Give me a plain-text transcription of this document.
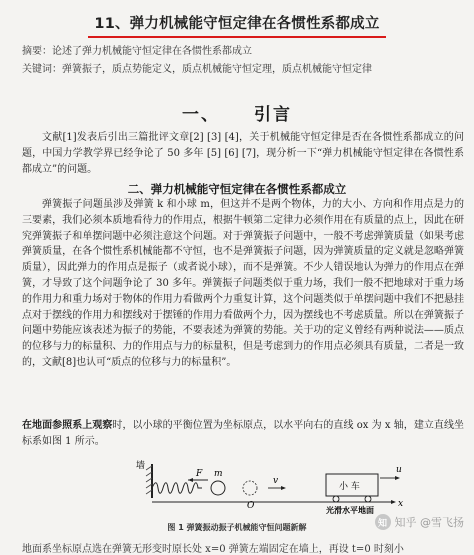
11、弹力机械能守恒定律在各惯性系都成立
摘要：论述了弹力机械能守恒定律在各惯性系都成立
关键词：弹簧振子，质点势能定义，质点机械能守恒定理，质点机械能守恒定律
一、 引言

文献[1]发表后引出三篇批评文章[2] [3] [4]，关于机械能守恒定律是否在各惯性系都成立的问题，中国力学教学界已经争论了 50 多年 [5] [6] [7]，现分析一下“弹力机械能守恒定律在各惯性系都成立”的问题。

二、弹力机械能守恒定律在各惯性系都成立

弹簧振子问题虽涉及弹簧 k 和小球 m，但这并不是两个物体，力的大小、方向和作用点是力的三要素，我们必须本质地看待力的作用点，根据牛顿第二定律力必须作用在有质量的点上，因此在研究弹簧振子和单摆问题中必须注意这个问题。对于弹簧振子问题中，一般不考虑弹簧质量（如果考虑弹簧质量，在各个惯性系机械能都不守恒，也不是弹簧振子问题，因为弹簧质量的定义就是忽略弹簧质量），因此弹力的作用点是振子（或者说小球），而不是弹簧。不少人错误地认为弹力的作用点在弹簧，才导致了这个问题争论了 30 多年。弹簧振子问题类似于重力场，我们一般不把地球对于重力场的作用力和重力场对于物体的作用力看做两个力重复计算，这个问题类似于单摆问题中我们不把悬挂点对于摆线的作用力和摆线对于摆锤的作用力看做两个力，因为摆线也不考虑质量。所以在弹簧振子问题中势能应该表述为振子的势能，不要表述为弹簧的势能。关于功的定义曾经有两种说法——质点的位移与力的标量积、力的作用点与力的标量积，但是考虑到力的作用点必须具有质量，二者是一致的，文献[8]也认可“质点的位移与力的标量积”。

在地面参照系上观察时，以小球的平衡位置为坐标原点，以水平向右的直线 ox 为 x 轴，建立直线坐标系如图 1 所示。

墙
F m
O
v
小 车
u
x
光滑水平地面
图 1 弹簧振动振子机械能守恒问题新解
地面系坐标原点选在弹簧无形变时原长处 x=0 弹簧左端固定在墙上，再设 t=0 时刻小
知 知乎 @雪飞扬
